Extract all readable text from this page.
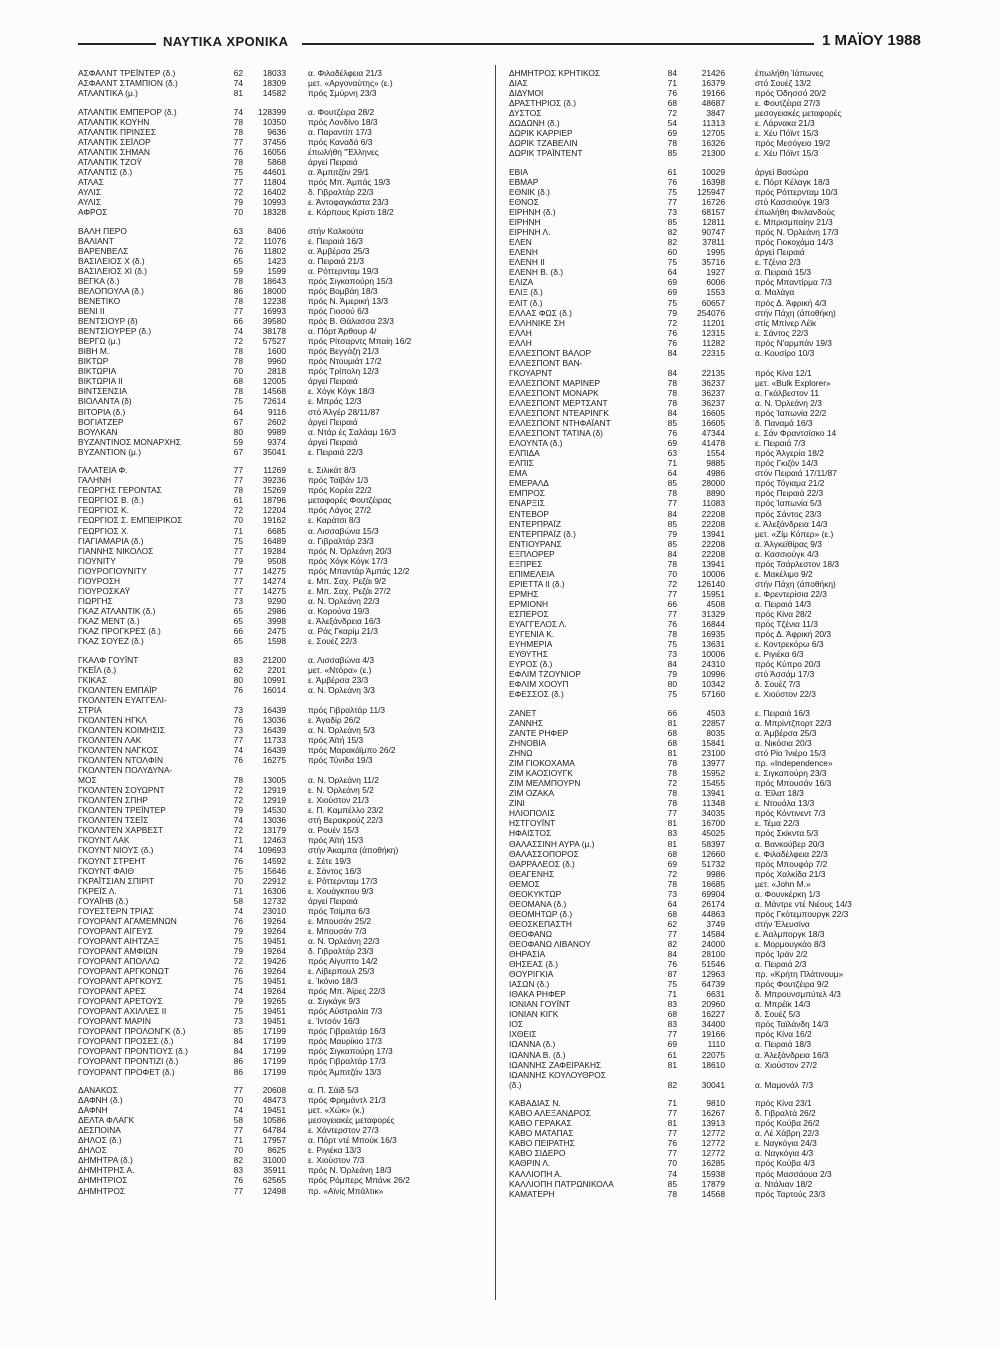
ΝΑΥΤΙΚΑ ΧΡΟΝΙΚΑ	1 ΜΑΪΟΥ 1988
ΑΣΦΑΛΝΤ ΤΡΕΪΝΤΕΡ (δ.)	62	18033	α. Φιλαδέλφεια 21/3
ΑΣΦΑΛΝΤ ΣΤΑΜΠΙΟΝ (δ.)	74	18309	μετ. «Αργοναύτης» (ε.)
ΑΤΛΑΝΤΙΚΑ (μ.)	81	14582	πρός Σμύρνη 23/3
ΑΤΛΑΝΤΙΚ ΕΜΠΕΡΟΡ (δ.)	74	128399	α. Φουτζέιρα 28/2
ΑΤΛΑΝΤΙΚ ΚΟΥΗΝ	78	10350	πρός Λονδίνο 18/3
ΑΤΛΑΝΤΙΚ ΠΡΙΝΣΕΣ	78	9636	α. Παραντίπ 17/3
ΑΤΛΑΝΤΙΚ ΣΕΪΛΟΡ	77	37456	πρός Καναδά 6/3
ΑΤΛΑΝΤΙΚ ΣΗΜΑΝ	76	16056	έπωλήθη "Έλληνες
ΑΤΛΑΝΤΙΚ ΤΖΟΫ	78	5868	άργεί Πειραιά
ΑΤΛΑΝΤΙΣ (δ.)	75	44601	α. Άμπιτζάν 29/1
ΑΤΛΑΣ	77	11804	πρός Μπ. Άμπάς 19/3
ΑΥΛΙΣ	72	16402	δ. Γιβραλτάρ 22/3
ΑΥΛΙΣ	79	10993	ε. Άντοφαγκάστα 23/3
ΑΦΡΟΣ	70	18328	ε. Κόρπους Κρίστι 18/2
ΒΑΛΗ ΠΕΡΟ	63	8406	στήν Καλκούτα
ΒΑΛΙΑΝΤ	72	11076	ε. Πειραιά 16/3
ΒΑΡΕΝΒΕΛΣ	76	11802	α. Άμβέρσα 25/3
ΒΑΣΙΛΕΙΟΣ Χ (δ.)	65	1423	α. Πειραιά 21/3
ΒΑΣΙΛΕΙΟΣ ΧΙ (δ.)	59	1599	α. Ρόττερνταμ 19/3
ΒΕΓΚΑ (δ.)	78	18643	πρός Σιγκαπούρη 15/3
ΒΕΛΟΠΟΥΛΑ (δ.)	86	18000	πρός Βομβάη 18/3
ΒΕΝΕΤΙΚΟ	78	12238	πρός Ν. Άμερική 13/3
ΒΕΝΙ ΙΙ	77	16993	πρός Γιοσού 6/3
ΒΕΝΤΣΙΟΥΡ (δ)	66	39580	πρός Β. Θάλασσα 23/3
ΒΕΝΤΣΙΟΥΡΕΡ (δ.)	74	38178	α. Πόρτ Άρθουρ 4/
ΒΕΡΓΩ (μ.)	72	57527	πρός Ρίτσαρντς Μπαίη 16/2
ΒΙΒΗ Μ.	78	1600	πρός Βεγγάζη 21/3
ΒΙΚΤΩΡ	78	9960	πρός Ντουμιάτ 17/2
ΒΙΚΤΩΡΙΑ	70	2818	πρός Τρίπολη 12/3
ΒΙΚΤΩΡΙΑ ΙΙ	68	12005	άργεί Πειραιά
ΒΙΝΤΣΕΝΣΙΑ	78	14568	ε. Χόγκ Κόγκ 18/3
ΒΙΟΛΑΝΤΑ (δ)	75	72614	ε. Μπράς 12/3
ΒΙΤΟΡΙΑ (δ.)	64	9116	στό Άλγέρ 28/11/87
ΒΟΓΙΑΤΖΕΡ	67	2602	άργεί Πειραιά
ΒΟΥΛΚΑΝ	80	9989	α. Ντάρ ές Σαλάαμ 16/3
ΒΥΖΑΝΤΙΝΟΣ ΜΟΝΑΡΧΗΣ	59	9374	άργεί Πειραιά
ΒΥΖΑΝΤΙΟΝ (μ.)	67	35041	ε. Πειραιά 22/3
ΓΑΛΑΤΕΙΑ Φ.	77	11269	ε. Σιλικάτ 8/3
ΓΑΛΗΝΗ	77	39236	πρός Ταϊβάν 1/3
ΓΕΩΡΓΗΣ ΓΕΡΟΝΤΑΣ	78	15269	πρός Κορέα 22/2
ΓΕΩΡΓΙΟΣ Β. (δ.)	61	18796	μεταφορές Φουτζέιρας
ΓΕΩΡΓΙΟΣ Κ.	72	12204	πρός Λάγος 27/2
ΓΕΩΡΓΙΟΣ Σ. ΕΜΠΕΙΡΙΚΟΣ	70	19162	ε. Καράτσι 8/3
ΓΕΩΡΓΙΟΣ Χ.	71	6685	α. Λισσαβώνα 15/3
ΓΙΑΓΙΑΜΑΡΙΑ (δ.)	75	16489	α. Γιβραλτάρ 23/3
ΓΙΑΝΝΗΣ ΝΙΚΟΛΟΣ	77	19284	πρός Ν. Όρλεάνη 20/3
ΓΙΟΥΝΙΤΥ	79	9508	πρός Χόγκ Κόγκ 17/3
ΓΙΟΥΡΟΓΙΟΥΝΙΤΥ	77	14275	πρός Μπαντάρ Άμπάς 12/2
ΓΙΟΥΡΟΣΗ	77	14274	ε. Μπ. Σαχ. Ρεζάι 9/2
ΓΙΟΥΡΟΣΚΑΫ	77	14275	ε. Μπ. Σαχ. Ρεζάι 27/2
ΓΙΩΡΓΗΣ	73	9290	α. Ν. Όρλεάνη 22/3
ΓΚΑΖ ΑΤΛΑΝΤΙΚ (δ.)	65	2986	α. Κορούνα 19/3
ΓΚΑΖ ΜΕΝΤ (δ.)	65	3998	ε. Άλεξάνδρεια 16/3
ΓΚΑΖ ΠΡΟΓΚΡΕΣ (δ.)	66	2475	α. Ράς Γκαρίμ 21/3
ΓΚΑΖ ΣΟΥΕΖ (δ.)	65	1598	ε. Σουέζ 22/3
ΓΚΑΛΦ ΓΟΥΪΝΤ	83	21200	α. Λισσαβώνα 4/3
ΓΚΕΪΛ (δ.)	62	2201	μετ. «Ντόρα» (ε.)
ΓΚΙΚΑΣ	80	10991	ε. Άμβέρσα 23/3
ΓΚΟΛΝΤΕΝ ΕΜΠΑΪΡ	76	16014	α. Ν. Όρλεάνη 3/3
ΓΚΟΛΝΤΕΝ ΕΥΑΓΓΕΛΙ-
ΣΤΡΙΑ	73	16439	πρός Γιβραλτάρ 11/3
ΓΚΟΛΝΤΕΝ ΗΓΚΛ	76	13036	ε. Άγαδίρ 26/2
ΓΚΟΛΝΤΕΝ ΚΟΙΜΗΣΙΣ	73	16439	α. Ν. Όρλεάνη 5/3
ΓΚΟΛΝΤΕΝ ΛΑΚ	77	11733	πρός Άϊτή 15/3
ΓΚΟΛΝΤΕΝ ΝΑΓΚΟΣ	74	16439	πρός Μαρακάϊμπο 26/2
ΓΚΟΛΝΤΕΝ ΝΤΟΛΦΙΝ	76	16275	πρός Τύνιδα 19/3
ΓΚΟΛΝΤΕΝ ΠΟΛΥΔΥΝΑ-
ΜΟΣ	78	13005	α. Ν. Όρλεάνη 11/2
ΓΚΟΛΝΤΕΝ ΣΟΥΩΡΝΤ	72	12919	ε. Ν. Όρλεάνη 5/2
ΓΚΟΛΝΤΕΝ ΣΠΗΡ	72	12919	ε. Χιούστον 21/3
ΓΚΟΛΝΤΕΝ ΤΡΕΪΝΤΕΡ	79	14530	ε. Π. Καμπέλλο 23/2
ΓΚΟΛΝΤΕΝ ΤΣΕΪΣ	74	13036	στή Βερακρούζ 22/3
ΓΚΟΛΝΤΕΝ ΧΑΡΒΕΣΤ	72	13179	α. Ρουέν 15/3
ΓΚΟΥΝΤ ΛΑΚ	71	12463	πρός Άϊτή 15/3
ΓΚΟΥΝΤ ΝΙΟΥΣ (δ.)	74	109693	στήν Άκαμπα (άποθήκη)
ΓΚΟΥΝΤ ΣΤΡΕΗΤ	76	14592	ε. Σέτε 19/3
ΓΚΟΥΝΤ ΦΑΙΘ	75	15646	ε. Σάντος 16/3
ΓΚΡΑΪΤΣΙΑΝ ΣΠΙΡΙΤ	70	22912	ε. Ρόττερνταμ 17/3
ΓΚΡΕΪΣ Λ.	71	16306	ε. Χουάγκπου 9/3
ΓΟΥΑΪΗΒ (δ.)	58	12732	άργεί Πειραιά
ΓΟΥΕΣΤΕΡΝ ΤΡΙΑΣ	74	23010	πρός Τσίμπα 6/3
ΓΟΥΟΡΑΝΤ ΑΓΑΜΕΜΝΩΝ	76	19264	ε. Μπουσάν 25/2
ΓΟΥΟΡΑΝΤ ΑΙΓΕΥΣ	79	19264	ε. Μπουσάν 7/3
ΓΟΥΟΡΑΝΤ ΑΙΗΤΖΑΞ	75	19451	α. Ν. Όρλεάνη 22/3
ΓΟΥΟΡΑΝΤ ΑΜΦΙΩΝ	79	19264	δ. Γιβραλτάρ 23/3
ΓΟΥΟΡΑΝΤ ΑΠΟΛΛΩ	72	19426	πρός Αίγυπτο 14/2
ΓΟΥΟΡΑΝΤ ΑΡΓΚΟΝΩΤ	76	19264	ε. Λίβερπουλ 25/3
ΓΟΥΟΡΑΝΤ ΑΡΓΚΟΥΣ	75	19451	ε. Ίκόνιο 18/3
ΓΟΥΟΡΑΝΤ ΑΡΕΣ	74	19264	πρός Μπ. Άϊρες 22/3
ΓΟΥΟΡΑΝΤ ΑΡΕΤΟΥΣ	79	19265	α. Σιγκάγκ 9/3
ΓΟΥΟΡΑΝΤ ΑΧΙΛΛΕΣ ΙΙ	75	19451	πρός Αύστραλία 7/3
ΓΟΥΟΡΑΝΤ ΜΑΡΙΝ	73	19451	ε. Ίντσόν 16/3
ΓΟΥΟΡΑΝΤ ΠΡΟΛΟΝΓΚ (δ.)	85	17199	πρός Γιβραλτάρ 16/3
ΓΟΥΟΡΑΝΤ ΠΡΟΣΕΣ (δ.)	84	17199	πρός Μαυρίκιο 17/3
ΓΟΥΟΡΑΝΤ ΠΡΟΝΤΙΟΥΣ (δ.)	84	17199	πρός Σιγκαπούρη 17/3
ΓΟΥΟΡΑΝΤ ΠΡΟΝΤΙΖΙ (δ.)	86	17199	πρός Γιβραλτάρ 17/3
ΓΟΥΟΡΑΝΤ ΠΡΟΦΕΤ (δ.)	86	17199	πρός Άμπιτζάν 13/3
ΔΑΝΑΚΟΣ	77	20608	α. Π. Σάϊδ 5/3
ΔΑΦΝΗ (δ.)	70	48473	πρός Φρημάντλ 21/3
ΔΑΦΝΗ	74	19451	μετ. «Χώκ» (κ.)
ΔΕΛΤΑ ΦΛΑΓΚ	58	10586	μεσογειακές μεταφορές
ΔΕΣΠΟΙΝΑ	77	64784	ε. Χάντερστον 27/3
ΔΗΛΟΣ (δ.)	71	17957	α. Πόρτ ντέ Μπούκ 16/3
ΔΗΛΟΣ	70	8625	ε. Ριγιέκα 13/3
ΔΗΜΗΤΡΑ (δ.)	82	31000	ε. Χιούστον 7/3
ΔΗΜΗΤΡΗΣ Α.	83	35911	πρός Ν. Όρλεάνη 18/3
ΔΗΜΗΤΡΙΟΣ	76	62565	πρός Ρόμπερς Μπάνκ 26/2
ΔΗΜΗΤΡΟΣ	77	12498	πρ. «Αϊνίς Μπάλτικ»
ΔΗΜΗΤΡΟΣ ΚΡΗΤΙΚΟΣ	84	21426	έπωλήθη Ίάπωνες
ΔΙΑΣ	71	16379	στό Σουέζ 13/2
ΔΙΔΥΜΟΙ	76	19166	πρός Όδησσό 20/2
ΔΡΑΣΤΗΡΙΟΣ (δ.)	68	48687	ε. Φουτζέιρα 27/3
ΔΥΣΤΟΣ	72	3847	μεσογειακές μεταφορές
ΔΩΔΩΝΗ (δ.)	54	11313	ε. Λάρνακα 21/3
ΔΩΡΙΚ ΚΑΡΡΙΕΡ	69	12705	ε. Χέυ Πόϊντ 15/3
ΔΩΡΙΚ ΤΖΑΒΕΛΙΝ	78	16326	πρός Μεσόγειο 19/2
ΔΩΡΙΚ ΤΡΑΪΝΤΕΝΤ	85	21300	ε. Χέυ Πόϊντ 15/3
ΕΒΙΑ	61	10029	άργεί Βασώρα
ΕΒΜΑΡ	76	16398	ε. Πόρτ Κέλαγκ 18/3
ΕΘΝΙΚ (δ.)	75	125947	πρός Ρόττερνταμ 10/3
ΕΘΝΟΣ	77	16726	στό Κασσιούγκ 19/3
ΕΙΡΗΝΗ (δ.)	73	68157	έπωλήθη Φινλανδούς
ΕΙΡΗΝΗ	85	12811	ε. Μπρισμπαίην 21/3
ΕΙΡΗΝΗ Λ.	82	90747	πρός Ν. Όρλεάνη 17/3
ΕΛΕΝ	82	37811	πρός Γιοκοχάμα 14/3
ΕΛΕΝΗ	60	1995	άργεί Πειραιά
ΕΛΕΝΗ ΙΙ	75	35716	ε. Τζένια 2/3
ΕΛΕΝΗ Β. (δ.)	64	1927	α. Πειραιά 15/3
ΕΛΙΖΑ	69	6006	πρός Μπαντίρμα 7/3
ΕΛΙΞ (δ.)	69	1553	α. Μαλάγα
ΕΛΙΤ (δ.)	75	60657	πρός Δ. Άφρική 4/3
ΕΛΛΑΣ ΦΩΣ (δ.)	79	254076	στήν Πάχη (άποθήκη)
ΕΛΛΗΝΙΚΕ ΣΗ	72	11201	στίς Μπίνερ Λέϊκ
ΕΛΛΗ	76	12315	ε. Σάντος 22/3
ΕΛΛΗ	76	11282	πρός Ν'αρμπάν 19/3
ΕΛΛΕΣΠΟΝΤ ΒΑΛΟΡ	84	22315	α. Κουσίρο 10/3
ΕΛΛΕΣΠΟΝΤ ΒΑΝ-
ΓΚΟΥΑΡΝΤ	84	22135	πρός Κίνα 12/1
ΕΛΛΕΣΠΟΝΤ ΜΑΡΙΝΕΡ	78	36237	μετ. «Bulk Explorer»
ΕΛΛΕΣΠΟΝΤ ΜΟΝΑΡΚ	78	36237	α. Γκάλβεστον 11
ΕΛΛΕΣΠΟΝΤ ΜΕΡΤΣΑΝΤ	78	36237	α. Ν. Όρλεάνη 2/3
ΕΛΛΕΣΠΟΝΤ ΝΤΕΑΡΙΝΓΚ	84	16605	πρός Ίαπωνία 22/2
ΕΛΛΕΣΠΟΝΤ ΝΤΗΦΑΪΑΝΤ	85	16605	δ. Παναμά 16/3
ΕΛΛΕΣΠΟΝΤ ΤΑΤΙΝΑ (δ)	76	47344	ε. Σάν Φραντσίσκο 14
ΕΛΟΥΝΤΑ (δ.)	69	41478	ε. Πειραιά 7/3
ΕΛΠΙΔΑ	63	1554	πρός Άλγερία 18/2
ΕΛΠΙΣ	71	9885	πρός Γκιζόν 14/3
ΕΜΑ	64	4986	στόν Πειραιά 17/11/87
ΕΜΕΡΑΛΔ	85	28000	πρός Τόγιαμα 21/2
ΕΜΠΡΟΣ	78	8890	πρός Πειραιά 22/3
ΕΝΑΡΞΙΣ	77	11083	πρός Ίαπωνία 5/3
ΕΝΤΕΒΟΡ	84	22208	πρός Σάντος 23/3
ΕΝΤΕΡΠΡΑΪΖ	85	22208	ε. Άλεξάνδρεια 14/3
ΕΝΤΕΡΠΡΑΪΖ (δ.)	79	13941	μετ. «Ζίμ Κόπερ» (ε.)
ΕΝΤΙΟΥΡΑΝΣ	85	22208	α. Άλγκεϊθίρας 9/3
ΕΞΠΛΟΡΕΡ	84	22208	α. Κασσιούγκ 4/3
ΕΞΠΡΕΣ	78	13941	πρός Τσάρλεστον 18/3
ΕΠΙΜΕΛΕΙΑ	70	10006	ε. Μακέλιμο 9/2
ΕΡΙΕΤΤΑ ΙΙ (δ.)	72	126140	στήν Πάχη (άποθήκη)
ΕΡΜΗΣ	77	15951	ε. Φρεντερίσια 22/3
ΕΡΜΙΟΝΗ	66	4508	α. Πειραιά 14/3
ΕΣΠΕΡΟΣ	77	31329	πρός Κίνα 28/2
ΕΥΑΓΓΕΛΟΣ Λ.	76	16844	πρός Τζένια 11/3
ΕΥΓΕΝΙΑ Κ.	78	16935	πρός Δ. Άφρική 20/3
ΕΥΗΜΕΡΙΑ	75	13631	ε. Κοντρεκόρω 6/3
ΕΥΘΥΤΗΣ	73	10006	ε. Ριγιέκα 6/3
ΕΥΡΟΣ (δ.)	84	24310	πρός Κύπρο 20/3
ΕΦΛΙΜ ΤΖΟΥΝΙΟΡ	79	10996	στό Άσσάμ 17/3
ΕΦΛΙΜ ΧΟΟΥΠ	80	10342	δ. Σουέζ 7/3
ΕΦΕΣΣΟΣ (δ.)	75	57160	ε. Χιούστον 22/3
ΖΑΝΕΤ	66	4503	ε. Πειραιά 16/3
ΖΑΝΝΗΣ	81	22857	α. Μπρίντζπορτ 22/3
ΖΑΝΤΕ ΡΗΦΕΡ	68	8035	α. Άμβέρσα 25/3
ΖΗΝΟΒΙΑ	68	15841	α. Νικόσια 20/3
ΖΗΝΩ	81	23100	στό Ρίο Ίνιέρο 15/3
ΖΙΜ ΓΙΟΚΟΧΑΜΑ	78	13977	πρ. «Independence»
ΖΙΜ ΚΑΟΣΙΟΥΓΚ	78	15952	ε. Σιγκαπούρη 23/3
ΖΙΜ ΜΕΛΜΠΟΥΡΝ	72	15455	πρός Μπουσάν 16/3
ΖΙΜ ΟΖΑΚΑ	78	13941	α. Έϊλατ 18/3
ΖΙΝΙ	78	11348	ε. Ντουάλα 13/3
ΗΛΙΟΠΟΛΙΣ	77	34035	πρός Κόντινεντ 7/3
ΗΣΤΓΟΥΪΝΤ	81	16700	ε. Τέμα 22/3
ΗΦΑΙΣΤΟΣ	83	45025	πρός Σκίκντα 5/3
ΘΑΛΑΣΣΙΝΗ ΑΥΡΑ (μ.)	81	58397	α. Βανκούβερ 20/3
ΘΑΛΑΣΣΟΠΟΡΟΣ	68	12660	ε. Φιλαδέλφεια 22/3
ΘΑΡΡΑΛΕΟΣ (δ.)	69	51732	πρός Μπουφόρ 7/2
ΘΕΑΓΕΝΗΣ	72	9986	πρός Χαλκίδα 21/3
ΘΕΜΟΣ	78	16685	μετ. «John M.»
ΘΕΟΚΥΚΤΩΡ	73	69904	α. Φουνκέρκη 1/3
ΘΕΟΜΑΝΑ (δ.)	64	26174	α. Μάντρε ντέ Νιέους 14/3
ΘΕΟΜΗΤΩΡ (δ.)	68	44863	πρός Γκότεμπουργκ 22/3
ΘΕΟΣΚΕΠΑΣΤΗ	62	3749	στήν Έλευσίνα
ΘΕΟΦΑΝΩ	77	14584	ε. Άαλμποργκ 18/3
ΘΕΟΦΑΝΩ ΛΙΒΑΝΟΥ	82	24000	ε. Μορμουγκάο 8/3
ΘΗΡΑΣΙΑ	84	28100	πρός Ίράν 2/2
ΘΗΣΕΑΣ (δ.)	76	51546	α. Πειραιά 2/3
ΘΟΥΡΙΓΚΙΑ	87	12963	πρ. «Κρήτη Πλάτινουμ»
ΙΑΣΩΝ (δ.)	75	64739	πρός Φουτζέιρα 9/2
ΙΘΑΚΑ ΡΗΦΕΡ	71	6631	δ. Μπρουνσμπύτελ 4/3
ΙΟΝΙΑΝ ΓΟΥΪΝΤ	83	20960	α. Μπρέϊκ 14/3
ΙΟΝΙΑΝ ΚΙΓΚ	68	16227	δ. Σουέζ 5/3
ΙΟΣ	83	34400	πρός Ταϊλάνδη 14/3
ΙΧΘΕΙΣ	77	19166	πρός Κίνα 16/2
ΙΩΑΝΝΑ (δ.)	69	1110	α. Πειραιά 18/3
ΙΩΑΝΝΑ Β. (δ.)	61	22075	α. Άλεξάνδρεια 16/3
ΙΩΑΝΝΗΣ ΖΑΦΕΙΡΑΚΗΣ	81	18610	α. Χιούστον 27/2
ΙΩΑΝΝΗΣ ΚΟΥΛΟΥΘΡΟΣ
(δ.)	82	30041	α. Μαμονάλ 7/3
ΚΑΒΑΔΙΑΣ Ν.	71	9810	πρός Κίνα 23/1
ΚΑΒΟ ΑΛΕΞΑΝΔΡΟΣ	77	16267	δ. Γιβραλτά 26/2
ΚΑΒΟ ΓΕΡΑΚΑΣ	81	13913	πρός Κούβα 26/2
ΚΑΒΟ ΜΑΤΑΠΑΣ	77	12772	α. Λέ Χάβρη 22/3
ΚΑΒΟ ΠΕΙΡΑΤΗΣ	76	12772	ε. Ναγκόγια 24/3
ΚΑΒΟ ΣΙΔΕΡΟ	77	12772	α. Ναγκόγια 4/3
ΚΑΘΡΙΝ Λ.	70	16285	πρός Κούβα 4/3
ΚΑΛΛΙΟΠΗ Α.	74	15938	πρός Μασσάουα 2/3
ΚΑΛΛΙΟΠΗ ΠΑΤΡΩΝΙΚΟΛΑ	85	17879	α. Ντάλιαν 18/2
ΚΑΜΑΤΕΡΗ	78	14568	πρός Ταρτούς 23/3
